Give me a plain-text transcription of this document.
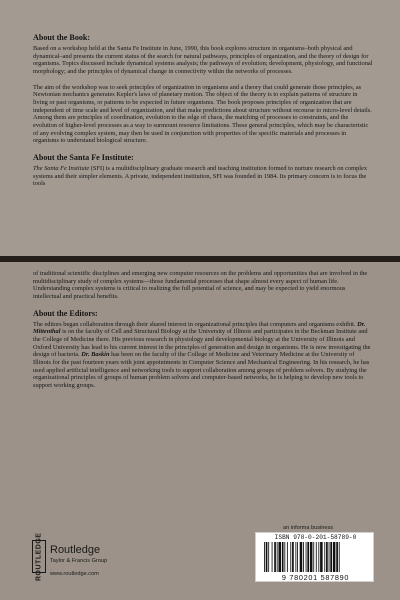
About the Book:

Based on a workshop held at the Santa Fe Institute in June, 1990, this book explores structure in organisms–both physical and dynamical–and presents the current status of the search for natural pathways, principles of organization, and the theory of design for organisms. Topics discussed include dynamical systems analysis; the pathways of evolution; development, physiology, and functional morphology; and the principles of dynamical change in connectivity within the networks of processes.

The aim of the workshop was to seek principles of organization in organisms and a theory that could generate those principles, as Newtonian mechanics generates Kepler's laws of planetary motion. The object of the theory is to explain patterns of structure in living or past organisms, or patterns to be expected in future organisms. The book proposes principles of organization that are independent of time scale and level of organization, and that make predictions about structure without recourse to micro-level details. Among them are principles of coordination, evolution to the edge of chaos, the matching of processes to constraints, and the evolution of higher-level processes as a way to surmount resource limitations. These general principles, which may be characteristic of any evolving complex system, may then be used in conjunction with properties of the specific materials and processes in organisms to understand biological structure.

About the Santa Fe Institute:

The Santa Fe Institute (SFI) is a multidisciplinary graduate research and teaching institution formed to nurture research on complex systems and their simpler elements. A private, independent institution, SFI was founded in 1984. Its primary concern is to focus the tools

of traditional scientific disciplines and emerging new computer resources on the problems and opportunities that are involved in the multidisciplinary study of complex systems—those fundamental processes that shape almost every aspect of human life. Understanding complex systems is critical to realizing the full potential of science, and may be expected to yield enormous intellectual and practical benefits.

About the Editors:

The editors began collaboration through their shared interest in organizational principles that computers and organisms exhibit. Dr. Mittenthal is on the faculty of Cell and Structural Biology at the University of Illinois and participates in the Beckman Institute and the College of Medicine there. His previous research in physiology and developmental biology at the University of Illinois and Oxford University has lead to his current interest in the principles of generation and design in organisms. He is now investigating the design of bacteria. Dr. Baskin has been on the faculty of the College of Medicine and Veterinary Medicine at the University of Illinois for the past fourteen years with joint appointments in Computer Science and Mechanical Engineering. In his research, he has used applied artificial intelligence and networking tools to support collaboration among groups of problem solvers. By studying the organizational principles of groups of human problem solvers and computer-based networks, he is helping to develop new tools to support working groups.

ROUTLEDGE Routledge
Taylor & Francis Group
www.routledge.com
an informa business
ISBN 978-0-201-58789-0
9 780201 587890
